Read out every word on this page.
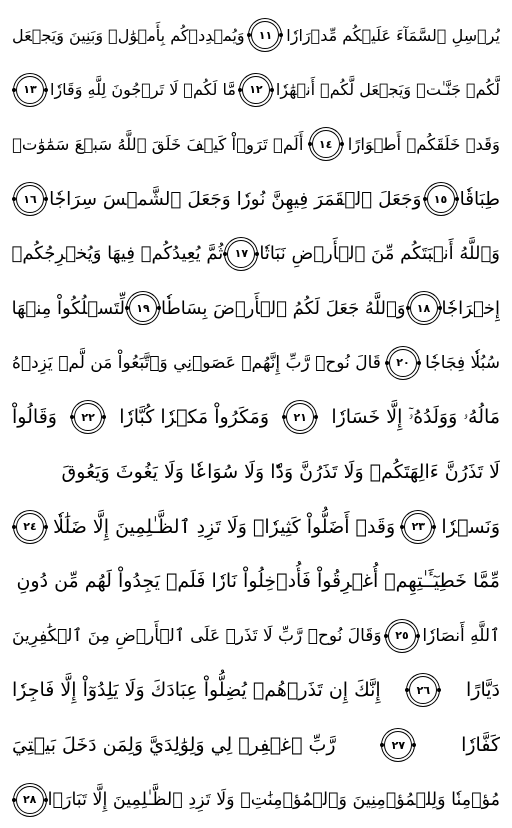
يُرۡسِلِ ٱلسَّمَآءَ عَلَيۡكُم مِّدۡرَارٗا
١١
وَيُمۡدِدۡكُم بِأَمۡوَٰلٖ وَبَنِينَ وَيَجۡعَل
لَّكُمۡ جَنَّـٰتٖ وَيَجۡعَل لَّكُمۡ أَنۡهَٰرٗا
١٢
مَّا لَكُمۡ لَا تَرۡجُونَ لِلَّهِ وَقَارٗا
١٣
وَقَدۡ خَلَقَكُمۡ أَطۡوَارًا
١٤
أَلَمۡ تَرَوۡاْ كَيۡفَ خَلَقَ ٱللَّهُ سَبۡعَ سَمَٰوَٰتٖ
طِبَاقٗا
١٥
وَجَعَلَ ٱلۡقَمَرَ فِيهِنَّ نُورٗا وَجَعَلَ ٱلشَّمۡسَ سِرَاجٗا
١٦
وَٱللَّهُ أَنۢبَتَكُم مِّنَ ٱلۡأَرۡضِ نَبَاتٗا
١٧
ثُمَّ يُعِيدُكُمۡ فِيهَا وَيُخۡرِجُكُمۡ
إِخۡرَاجٗا
١٨
وَٱللَّهُ جَعَلَ لَكُمُ ٱلۡأَرۡضَ بِسَاطٗا
١٩
لِّتَسۡلُكُواْ مِنۡهَا
سُبُلٗا فِجَاجٗا
٢٠
قَالَ نُوحٞ رَّبِّ إِنَّهُمۡ عَصَوۡنِي وَٱتَّبَعُواْ مَن لَّمۡ يَزِدۡهُ
مَالُهُۥ وَوَلَدُهُۥٓ إِلَّا خَسَارٗا
٢١
وَمَكَرُواْ مَكۡرٗا كُبَّارٗا
٢٢
وَقَالُواْ
لَا تَذَرُنَّ ءَالِهَتَكُمۡ وَلَا تَذَرُنَّ وَدّٗا وَلَا سُوَاعٗا وَلَا يَغُوثَ وَيَعُوقَ
وَنَسۡرٗا
٢٣
وَقَدۡ أَضَلُّواْ كَثِيرٗاۖ وَلَا تَزِدِ ٱلظَّـٰلِمِينَ إِلَّا ضَلَٰلٗا
٢٤
مِّمَّا خَطِيٓـَٔـٰتِهِمۡ أُغۡرِقُواْ فَأُدۡخِلُواْ نَارٗا فَلَمۡ يَجِدُواْ لَهُم مِّن دُونِ
ٱللَّهِ أَنصَارٗا
٢٥
وَقَالَ نُوحٞ رَّبِّ لَا تَذَرۡ عَلَى ٱلۡأَرۡضِ مِنَ ٱلۡكَٰفِرِينَ
دَيَّارًا
٢٦
إِنَّكَ إِن تَذَرۡهُمۡ يُضِلُّواْ عِبَادَكَ وَلَا يَلِدُوٓاْ إِلَّا فَاجِرٗا
كَفَّارٗا
٢٧
رَّبِّ ٱغۡفِرۡ لِي وَلِوَٰلِدَيَّ وَلِمَن دَخَلَ بَيۡتِيَ
مُؤۡمِنٗا وَلِلۡمُؤۡمِنِينَ وَٱلۡمُؤۡمِنَٰتِۖ وَلَا تَزِدِ ٱلظَّـٰلِمِينَ إِلَّا تَبَارَۢا
٢٨
